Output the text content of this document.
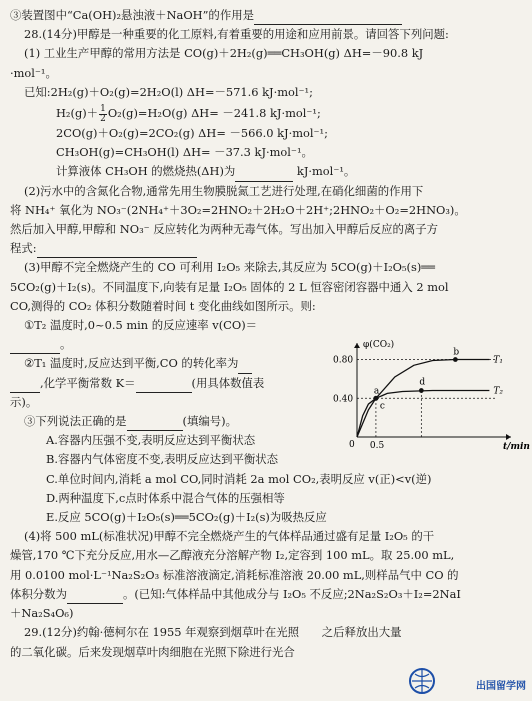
③装置图中“Ca(OH)₂悬浊液＋NaOH”的作用是
28.(14分)甲醇是一种重要的化工原料,有着重要的用途和应用前景。请回答下列问题:
(1) 工业生产甲醇的常用方法是 CO(g)＋2H₂(g)══CH₃OH(g) ΔH=－90.8 kJ
·mol⁻¹。
已知:2H₂(g)＋O₂(g)=2H₂O(l) ΔH=－571.6 kJ·mol⁻¹;
$H_2(g)+ \frac{1}{2} O_2(g)=H_2O(g)$ ΔH= －241.8 kJ·mol⁻¹;
2CO(g)＋O₂(g)=2CO₂(g) ΔH= －566.0 kJ·mol⁻¹;
CH₃OH(g)=CH₃OH(l) ΔH= －37.3 kJ·mol⁻¹。
计算液体 CH₃OH 的燃烧热(ΔH)为	kJ·mol⁻¹。
(2)污水中的含氮化合物,通常先用生物膜脱氮工艺进行处理,在硝化细菌的作用下
将 NH₄⁺ 氧化为 NO₃⁻(2NH₄⁺＋3O₂=2HNO₂＋2H₂O＋2H⁺;2HNO₂＋O₂=2HNO₃)。
然后加入甲醇,甲醇和 NO₃⁻ 反应转化为两种无毒气体。写出加入甲醇后反应的离子方
程式:
(3)甲醇不完全燃烧产生的 CO 可利用 I₂O₅ 来除去,其反应为 5CO(g)＋I₂O₅(s)══
5CO₂(g)＋I₂(s)。不同温度下,向装有足量 I₂O₅ 固体的 2 L 恒容密闭容器中通入 2 mol
CO,测得的 CO₂ 体积分数随着时间 t 变化曲线如图所示。则:
①T₂ 温度时,0~0.5 min 的反应速率 v(CO)＝
。
②T₁ 温度时,反应达到平衡,CO 的转化率为
,化学平衡常数 K＝	(用具体数值表
示)。
③下列说法正确的是	(填编号)。
A.容器内压强不变,表明反应达到平衡状态
B.容器内气体密度不变,表明反应达到平衡状态
C.单位时间内,消耗 a mol CO,同时消耗 2a mol CO₂,表明反应 v(正)<v(逆)
D.两种温度下,c点时体系中混合气体的压强相等
E.反应 5CO(g)＋I₂O₅(s)══5CO₂(g)＋I₂(s)为吸热反应
(4)将 500 mL(标准状况)甲醇不完全燃烧产生的气体样品通过盛有足量 I₂O₅ 的干
燥管,170 ℃下充分反应,用水—乙醇液充分溶解产物 I₂,定容到 100 mL。取 25.00 mL,
用 0.0100 mol·L⁻¹Na₂S₂O₃ 标准溶液滴定,消耗标准溶液 20.00 mL,则样品气中 CO 的
体积分数为	。(已知:气体样品中其他成分与 I₂O₅ 不反应;2Na₂S₂O₃＋I₂=2NaI
＋Na₂S₄O₆)
29.(12分)约翰·德柯尔在 1955 年观察到烟草叶在光照   之后释放出大量
的二氧化碳。后来发现烟草叶肉细胞在光照下除进行光合
φ(CO₂)
t/min
0
0.80
0.40
0.5
T₁
T₂
a
b
c
d
出国留学网
